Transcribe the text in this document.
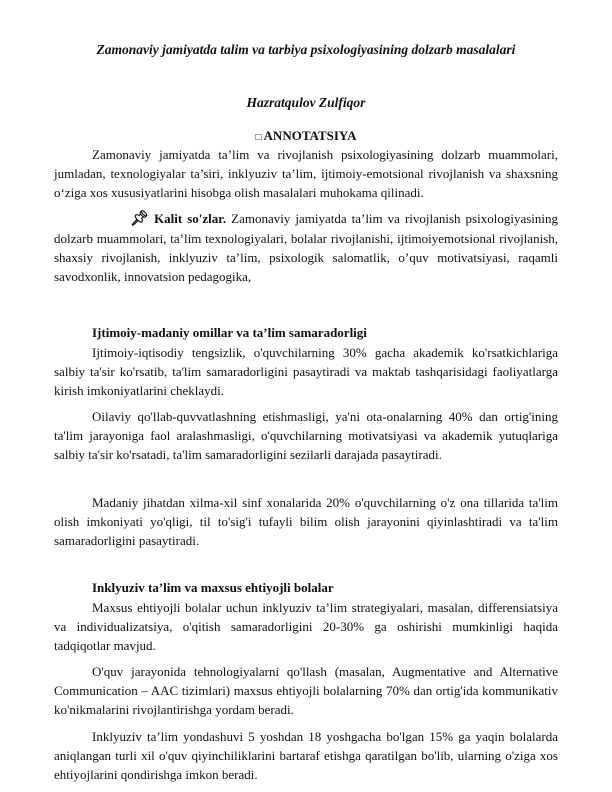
Zamonaviy jamiyatda talim va tarbiya psixologiyasining dolzarb masalalari
Hazratqulov Zulfiqor
□ ANNOTATSIYA

Zamonaviy jamiyatda ta’lim va rivojlanish psixologiyasining dolzarb muammolari, jumladan, texnologiyalar ta’siri, inklyuziv ta’lim, ijtimoiy-emotsional rivojlanish va shaxsning o‘ziga xos xususiyatlarini hisobga olish masalalari muhokama qilinadi.

📌︎ Kalit so'zlar. Zamonaviy jamiyatda ta’lim va rivojlanish psixologiyasining dolzarb muammolari, ta’lim texnologiyalari, bolalar rivojlanishi, ijtimoiyemotsional rivojlanish, shaxsiy rivojlanish, inklyuziv ta’lim, psixologik salomatlik, o’quv motivatsiyasi, raqamli savodxonlik, innovatsion pedagogika,

Ijtimoiy-madaniy omillar va ta’lim samaradorligi

Ijtimoiy-iqtisodiy tengsizlik, o'quvchilarning 30% gacha akademik ko'rsatkichlariga salbiy ta'sir ko'rsatib, ta'lim samaradorligini pasaytiradi va maktab tashqarisidagi faoliyatlarga kirish imkoniyatlarini cheklaydi.

Oilaviy qo'llab-quvvatlashning etishmasligi, ya'ni ota-onalarning 40% dan ortig'ining ta'lim jarayoniga faol aralashmasligi, o'quvchilarning motivatsiyasi va akademik yutuqlariga salbiy ta'sir ko'rsatadi, ta'lim samaradorligini sezilarli darajada pasaytiradi.

Madaniy jihatdan xilma-xil sinf xonalarida 20% o'quvchilarning o'z ona tillarida ta'lim olish imkoniyati yo'qligi, til to'sig'i tufayli bilim olish jarayonini qiyinlashtiradi va ta'lim samaradorligini pasaytiradi.

Inklyuziv ta’lim va maxsus ehtiyojli bolalar

Maxsus ehtiyojli bolalar uchun inklyuziv ta’lim strategiyalari, masalan, differensiatsiya va individualizatsiya, o'qitish samaradorligini 20-30% ga oshirishi mumkinligi haqida tadqiqotlar mavjud.

O'quv jarayonida tehnologiyalarni qo'llash (masalan, Augmentative and Alternative Communication – AAC tizimlari) maxsus ehtiyojli bolalarning 70% dan ortig'ida kommunikativ ko'nikmalarini rivojlantirishga yordam beradi.

Inklyuziv ta’lim yondashuvi 5 yoshdan 18 yoshgacha bo'lgan 15% ga yaqin bolalarda aniqlangan turli xil o'quv qiyinchiliklarini bartaraf etishga qaratilgan bo'lib, ularning o'ziga xos ehtiyojlarini qondirishga imkon beradi.
